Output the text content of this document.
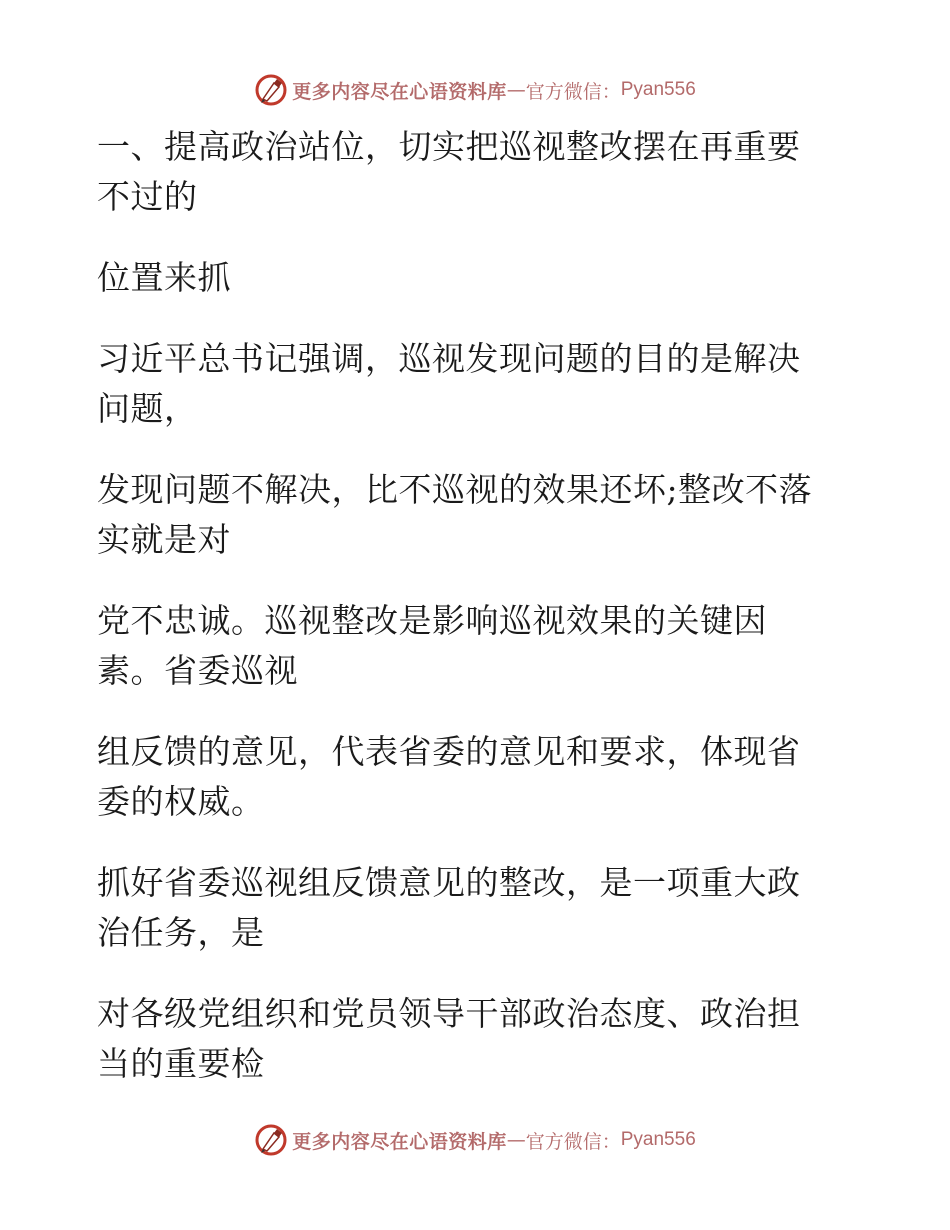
更多内容尽在心语资料库 — 官方微信： Pyan556

一、提高政治站位，切实把巡视整改摆在再重要
不过的

位置来抓

习近平总书记强调，巡视发现问题的目的是解决
问题，

发现问题不解决，比不巡视的效果还坏;整改不落
实就是对

党不忠诚。巡视整改是影响巡视效果的关键因
素。省委巡视

组反馈的意见，代表省委的意见和要求，体现省
委的权威。

抓好省委巡视组反馈意见的整改，是一项重大政
治任务，是

对各级党组织和党员领导干部政治态度、政治担
当的重要检

更多内容尽在心语资料库 — 官方微信： Pyan556
